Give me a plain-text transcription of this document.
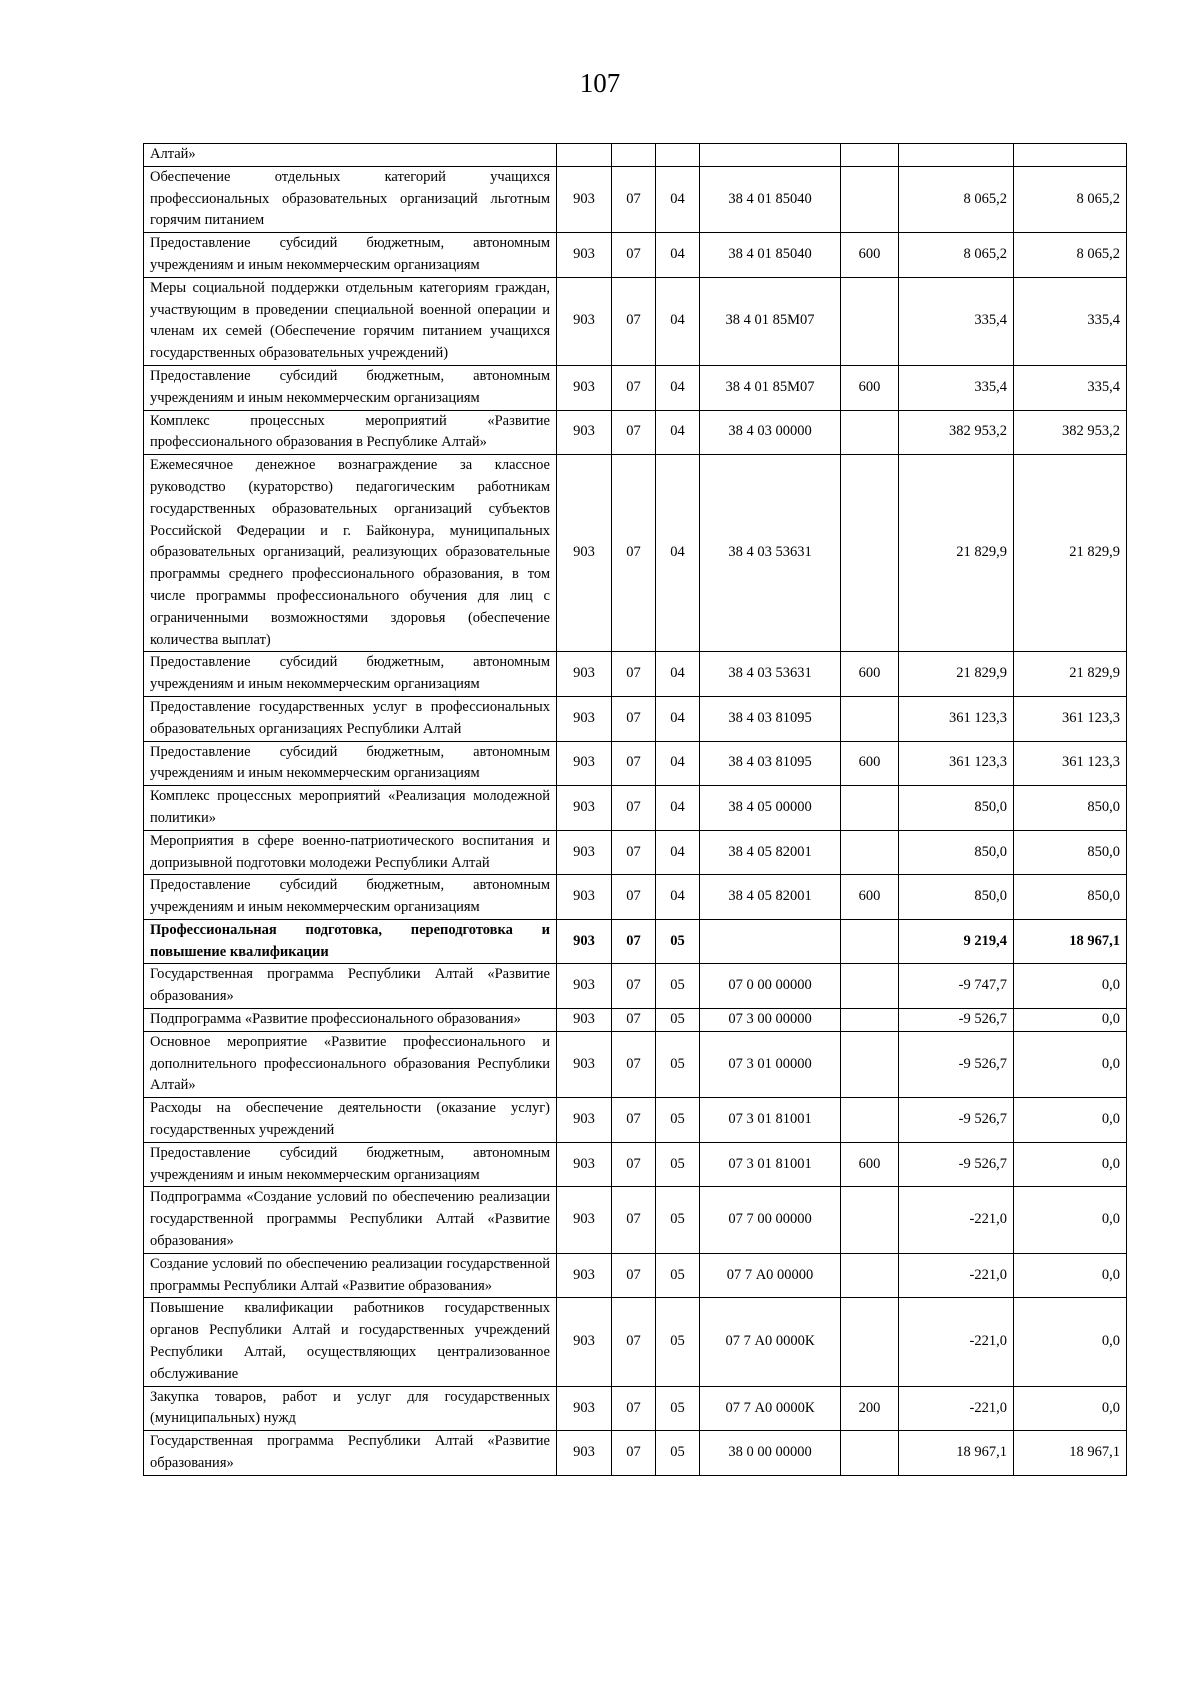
107
Алтай»							
Обеспечение отдельных категорий учащихся профессиональных образовательных организаций льготным горячим питанием	903	07	04	38 4 01 85040		8 065,2	8 065,2
Предоставление субсидий бюджетным, автономным учреждениям и иным некоммерческим организациям	903	07	04	38 4 01 85040	600	8 065,2	8 065,2
Меры социальной поддержки отдельным категориям граждан, участвующим в проведении специальной военной операции и членам их семей (Обеспечение горячим питанием учащихся государственных образовательных учреждений)	903	07	04	38 4 01 85М07		335,4	335,4
Предоставление субсидий бюджетным, автономным учреждениям и иным некоммерческим организациям	903	07	04	38 4 01 85М07	600	335,4	335,4
Комплекс процессных мероприятий «Развитие профессионального образования в Республике Алтай»	903	07	04	38 4 03 00000		382 953,2	382 953,2
Ежемесячное денежное вознаграждение за классное руководство (кураторство) педагогическим работникам государственных образовательных организаций субъектов Российской Федерации и г. Байконура, муниципальных образовательных организаций, реализующих образовательные программы среднего профессионального образования, в том числе программы профессионального обучения для лиц с ограниченными возможностями здоровья (обеспечение количества выплат)	903	07	04	38 4 03 53631		21 829,9	21 829,9
Предоставление субсидий бюджетным, автономным учреждениям и иным некоммерческим организациям	903	07	04	38 4 03 53631	600	21 829,9	21 829,9
Предоставление государственных услуг в профессиональных образовательных организациях Республики Алтай	903	07	04	38 4 03 81095		361 123,3	361 123,3
Предоставление субсидий бюджетным, автономным учреждениям и иным некоммерческим организациям	903	07	04	38 4 03 81095	600	361 123,3	361 123,3
Комплекс процессных мероприятий «Реализация молодежной политики»	903	07	04	38 4 05 00000		850,0	850,0
Мероприятия в сфере военно-патриотического воспитания и допризывной подготовки молодежи Республики Алтай	903	07	04	38 4 05 82001		850,0	850,0
Предоставление субсидий бюджетным, автономным учреждениям и иным некоммерческим организациям	903	07	04	38 4 05 82001	600	850,0	850,0
Профессиональная подготовка, переподготовка и повышение квалификации	903	07	05			9 219,4	18 967,1
Государственная программа Республики Алтай «Развитие образования»	903	07	05	07 0 00 00000		-9 747,7	0,0
Подпрограмма «Развитие профессионального образования»	903	07	05	07 3 00 00000		-9 526,7	0,0
Основное мероприятие «Развитие профессионального и дополнительного профессионального образования Республики Алтай»	903	07	05	07 3 01 00000		-9 526,7	0,0
Расходы на обеспечение деятельности (оказание услуг) государственных учреждений	903	07	05	07 3 01 81001		-9 526,7	0,0
Предоставление субсидий бюджетным, автономным учреждениям и иным некоммерческим организациям	903	07	05	07 3 01 81001	600	-9 526,7	0,0
Подпрограмма «Создание условий по обеспечению реализации государственной программы Республики Алтай «Развитие образования»	903	07	05	07 7 00 00000		-221,0	0,0
Создание условий по обеспечению реализации государственной программы Республики Алтай «Развитие образования»	903	07	05	07 7 А0 00000		-221,0	0,0
Повышение квалификации работников государственных органов Республики Алтай и государственных учреждений Республики Алтай, осуществляющих централизованное обслуживание	903	07	05	07 7 А0 0000К		-221,0	0,0
Закупка товаров, работ и услуг для государственных (муниципальных) нужд	903	07	05	07 7 А0 0000К	200	-221,0	0,0
Государственная программа Республики Алтай «Развитие образования»	903	07	05	38 0 00 00000		18 967,1	18 967,1
